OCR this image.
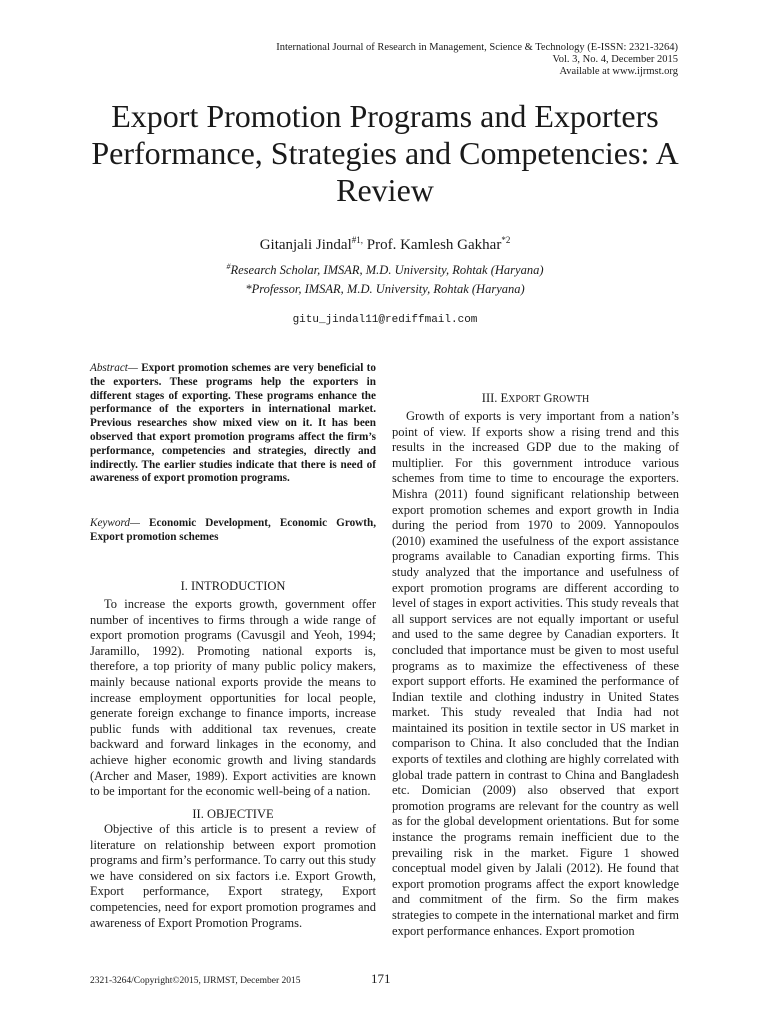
International Journal of Research in Management, Science & Technology (E-ISSN: 2321-3264)
Vol. 3, No. 4, December 2015
Available at www.ijrmst.org
Export Promotion Programs and Exporters Performance, Strategies and Competencies: A Review
Gitanjali Jindal$^{\#1,}$ Prof. Kamlesh Gakhar$^{*2}$
#Research Scholar, IMSAR, M.D. University, Rohtak (Haryana)
*Professor, IMSAR, M.D. University, Rohtak (Haryana)
gitu_jindal11@rediffmail.com
Abstract— Export promotion schemes are very beneficial to the exporters. These programs help the exporters in different stages of exporting. These programs enhance the performance of the exporters in international market. Previous researches show mixed view on it. It has been observed that export promotion programs affect the firm’s performance, competencies and strategies, directly and indirectly. The earlier studies indicate that there is need of awareness of export promotion programs.
Keyword— Economic Development, Economic Growth, Export promotion schemes
I. INTRODUCTION

To increase the exports growth, government offer number of incentives to firms through a wide range of export promotion programs (Cavusgil and Yeoh, 1994; Jaramillo, 1992). Promoting national exports is, therefore, a top priority of many public policy makers, mainly because national exports provide the means to increase employment opportunities for local people, generate foreign exchange to finance imports, increase public funds with additional tax revenues, create backward and forward linkages in the economy, and achieve higher economic growth and living standards (Archer and Maser, 1989). Export activities are known to be important for the economic well-being of a nation.

II. OBJECTIVE

Objective of this article is to present a review of literature on relationship between export promotion programs and firm’s performance. To carry out this study we have considered on six factors i.e. Export Growth, Export performance, Export strategy, Export competencies, need for export promotion programes and awareness of Export Promotion Programs.

III. EXPORT GROWTH

Growth of exports is very important from a nation’s point of view. If exports show a rising trend and this results in the increased GDP due to the making of multiplier. For this government introduce various schemes from time to time to encourage the exporters. Mishra (2011) found significant relationship between export promotion schemes and export growth in India during the period from 1970 to 2009. Yannopoulos (2010) examined the usefulness of the export assistance programs available to Canadian exporting firms. This study analyzed that the importance and usefulness of export promotion programs are different according to level of stages in export activities. This study reveals that all support services are not equally important or useful and used to the same degree by Canadian exporters. It concluded that importance must be given to most useful programs as to maximize the effectiveness of these export support efforts. He examined the performance of Indian textile and clothing industry in United States market. This study revealed that India had not maintained its position in textile sector in US market in comparison to China. It also concluded that the Indian exports of textiles and clothing are highly correlated with global trade pattern in contrast to China and Bangladesh etc. Domician (2009) also observed that export promotion programs are relevant for the country as well as for the global development orientations. But for some instance the programs remain inefficient due to the prevailing risk in the market. Figure 1 showed conceptual model given by Jalali (2012). He found that export promotion programs affect the export knowledge and commitment of the firm. So the firm makes strategies to compete in the international market and firm export performance enhances. Export promotion

2321-3264/Copyright©2015, IJRMST, December 2015	171
